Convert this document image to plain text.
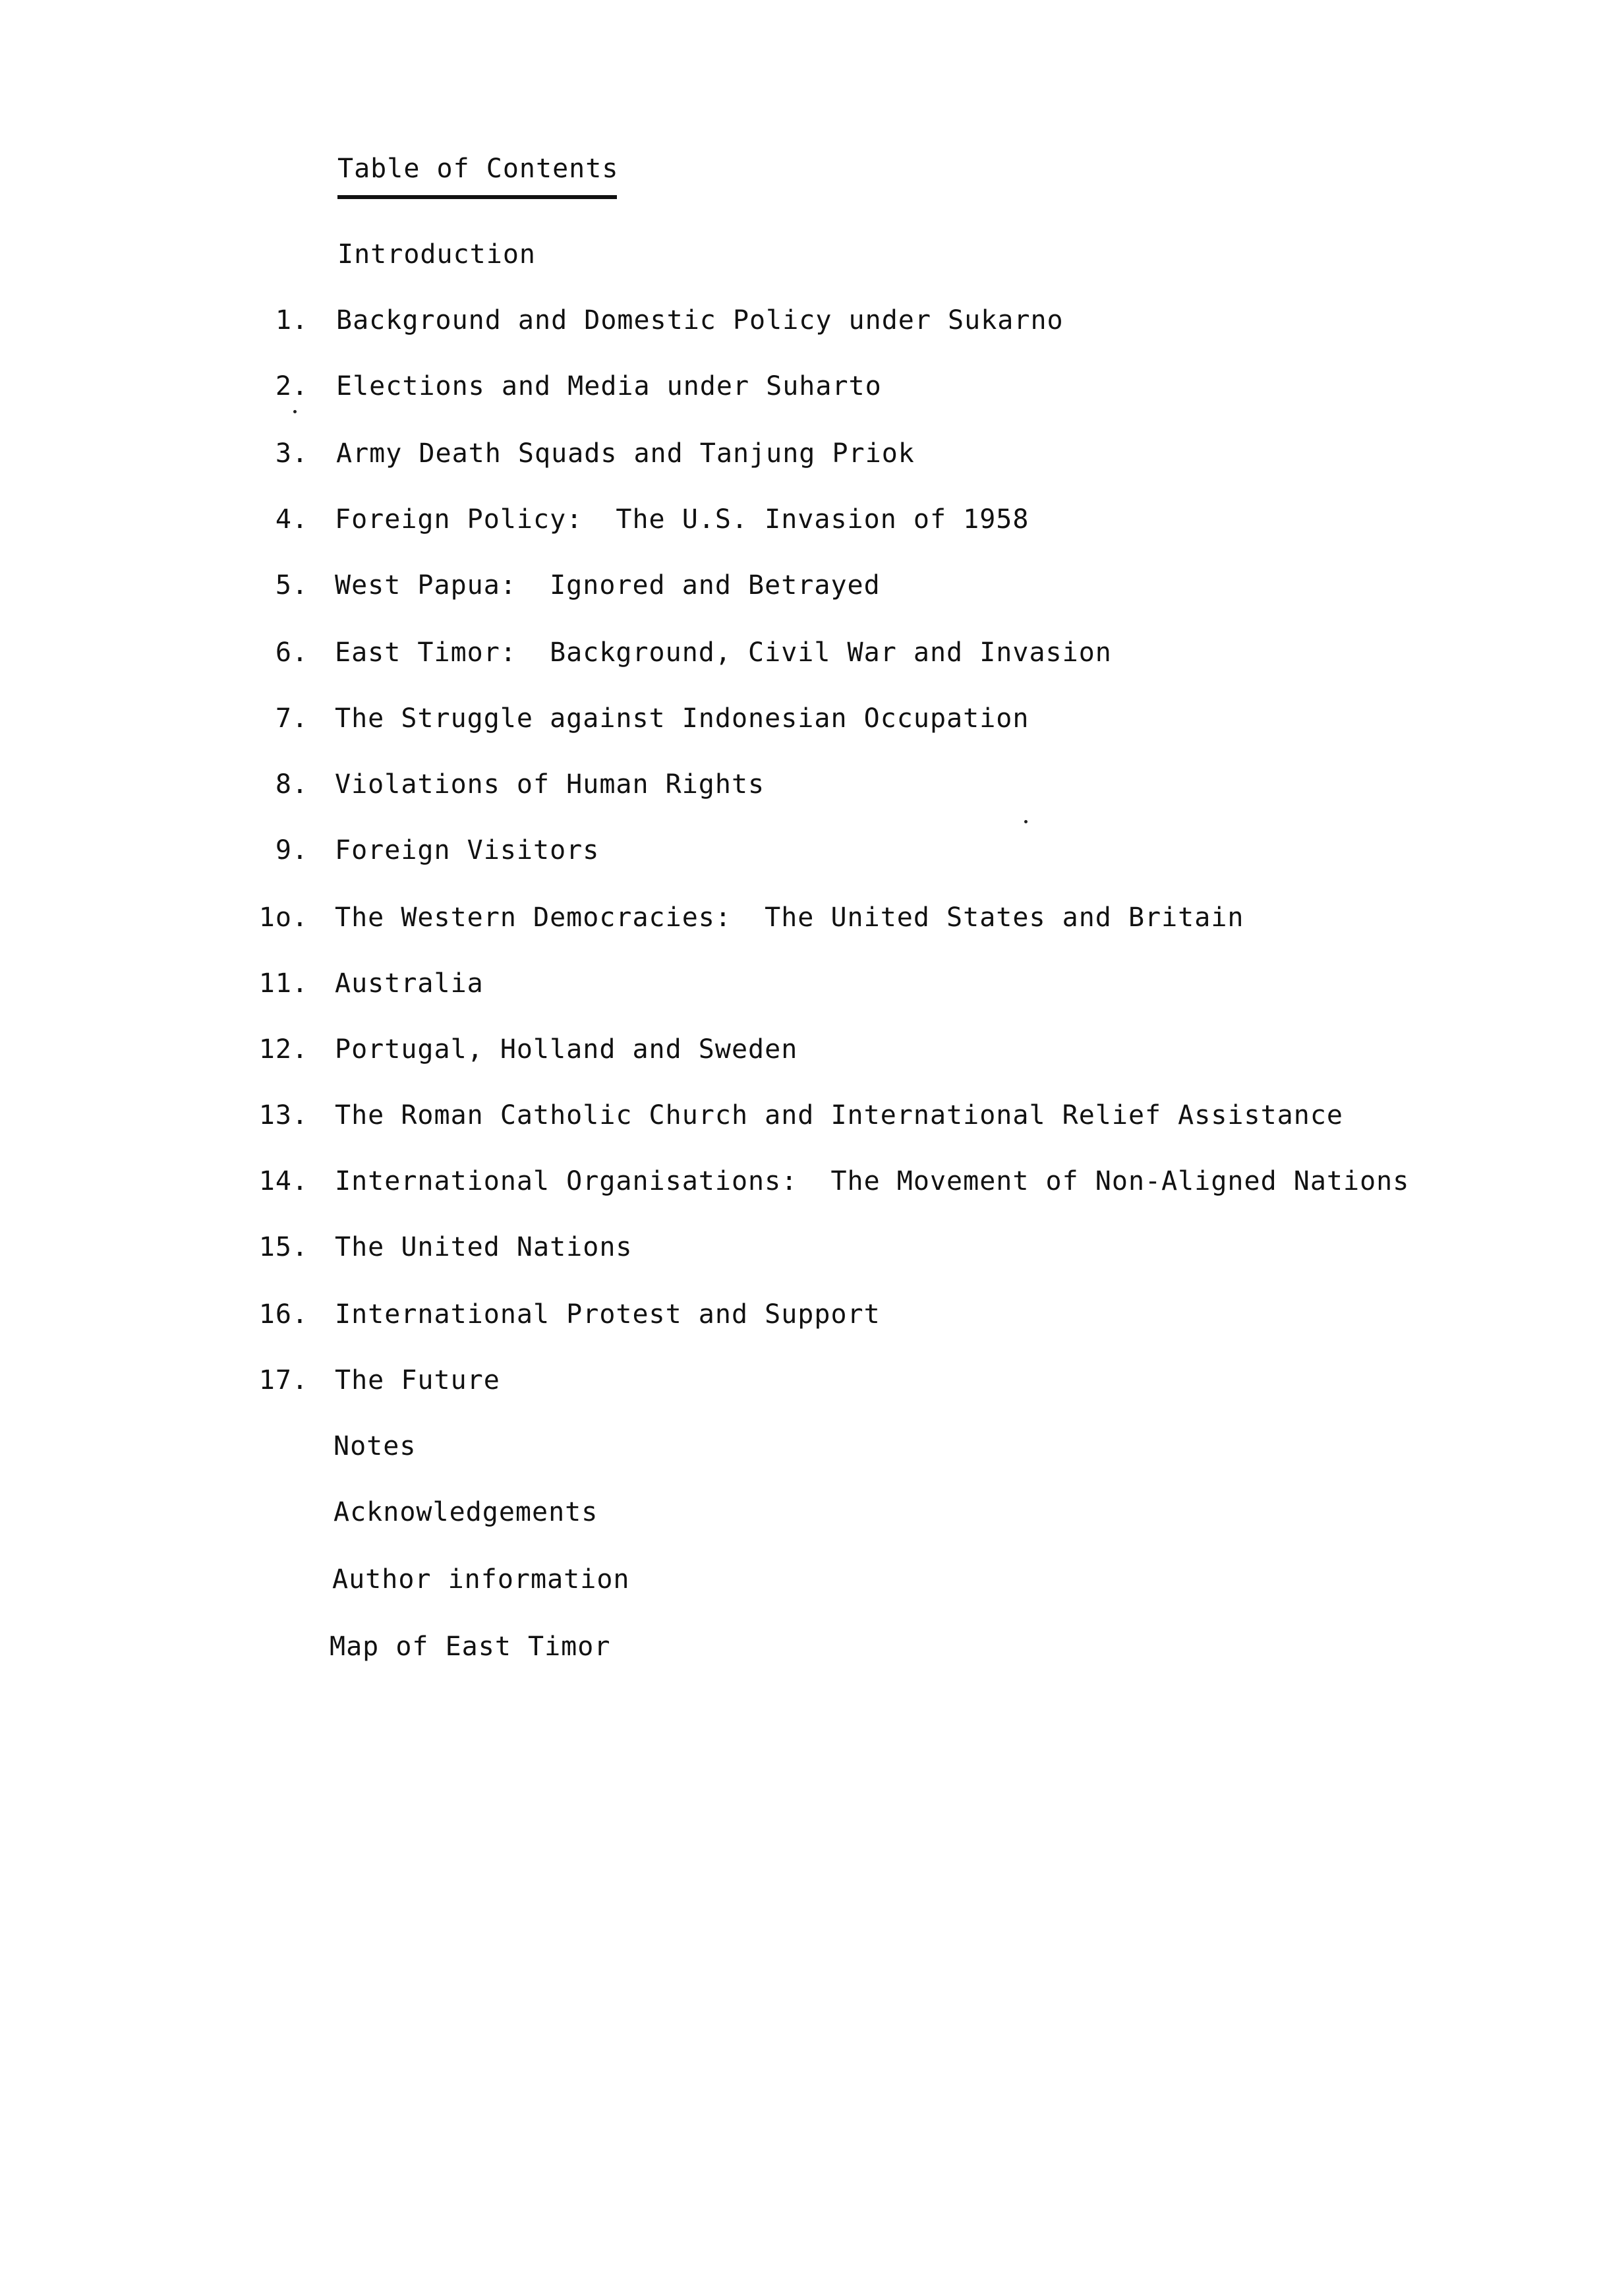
Table of Contents
Introduction
1. Background and Domestic Policy under Sukarno
2. Elections and Media under Suharto
3. Army Death Squads and Tanjung Priok
4. Foreign Policy:  The U.S. Invasion of 1958
5. West Papua:  Ignored and Betrayed
6. East Timor:  Background, Civil War and Invasion
7. The Struggle against Indonesian Occupation
8. Violations of Human Rights
9. Foreign Visitors
1o. The Western Democracies:  The United States and Britain
11. Australia
12. Portugal, Holland and Sweden
13. The Roman Catholic Church and International Relief Assistance
14. International Organisations:  The Movement of Non-Aligned Nations
15. The United Nations
16. International Protest and Support
17. The Future
Notes
Acknowledgements
Author information
Map of East Timor
